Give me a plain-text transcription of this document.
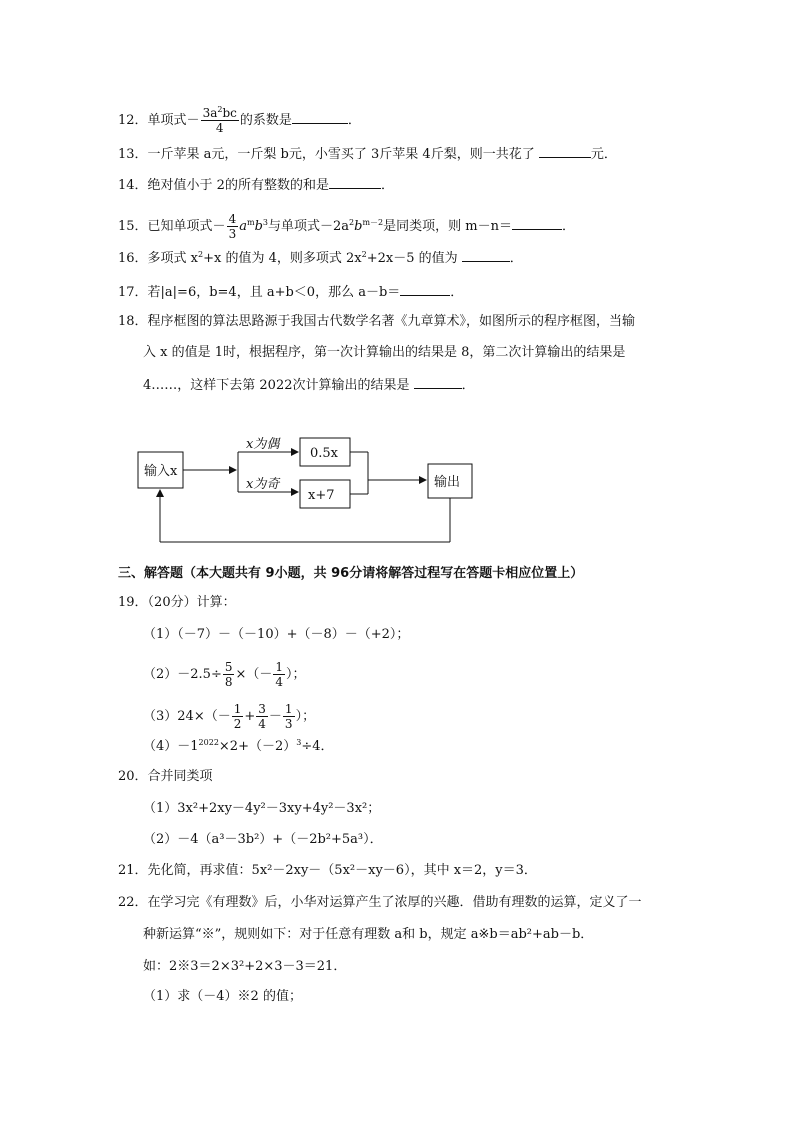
12．单项式－ $\frac{3a^2bc}{4}$ 的系数是	．
13．一斤苹果 a元，一斤梨 b元，小雪买了 3斤苹果 4斤梨，则一共花了	元．
14．绝对值小于 2的所有整数的和是	．
15．已知单项式－ $\frac{4}{3} a^mb^3$与单项式$-2a^2b^{m-2}$是同类项，则 m－n＝	．
16．多项式 $x^2+x$ 的值为 4，则多项式 $2x^2+2x-5$ 的值为	．
17．若|a|=6，b=4，且 a+b＜0，那么 a－b＝	．
18．程序框图的算法思路源于我国古代数学名著《九章算术》，如图所示的程序框图，当输
入 x 的值是 1时，根据程序，第一次计算输出的结果是 8，第二次计算输出的结果是
4……，这样下去第 2022次计算输出的结果是	．
输入x
x为偶
x为奇
0.5x
x+7
输出
三、解答题（本大题共有 9小题，共 96分请将解答过程写在答题卡相应位置上）
19．（20分）计算：
（1）（－7）－（－10）+（－8）－（+2）；
$(2)-2.5\div \frac{5}{8}$ ×（－ $\frac{1}{4}$ ）；
$(3)24\times(- \frac{1}{2} + \frac{3}{4} - \frac{1}{3}$ ）；
$(4)-1^{2022}\times 2+(-2)^3\div 4$．
20．合并同类项
（1）3x²+2xy－4y²－3xy+4y²－3x²；
（2）－4（a³－3b²）+（－2b²+5a³）．
21．先化简，再求值：5x²－2xy－（5x²－xy－6），其中 x＝2，y＝3．
22．在学习完《有理数》后，小华对运算产生了浓厚的兴趣．借助有理数的运算，定义了一
种新运算“※”，规则如下：对于任意有理数 a和 b，规定 a※b＝ab²+ab－b．
如：2※3＝2×3²+2×3－3＝21．
（1）求（－4）※2 的值；
